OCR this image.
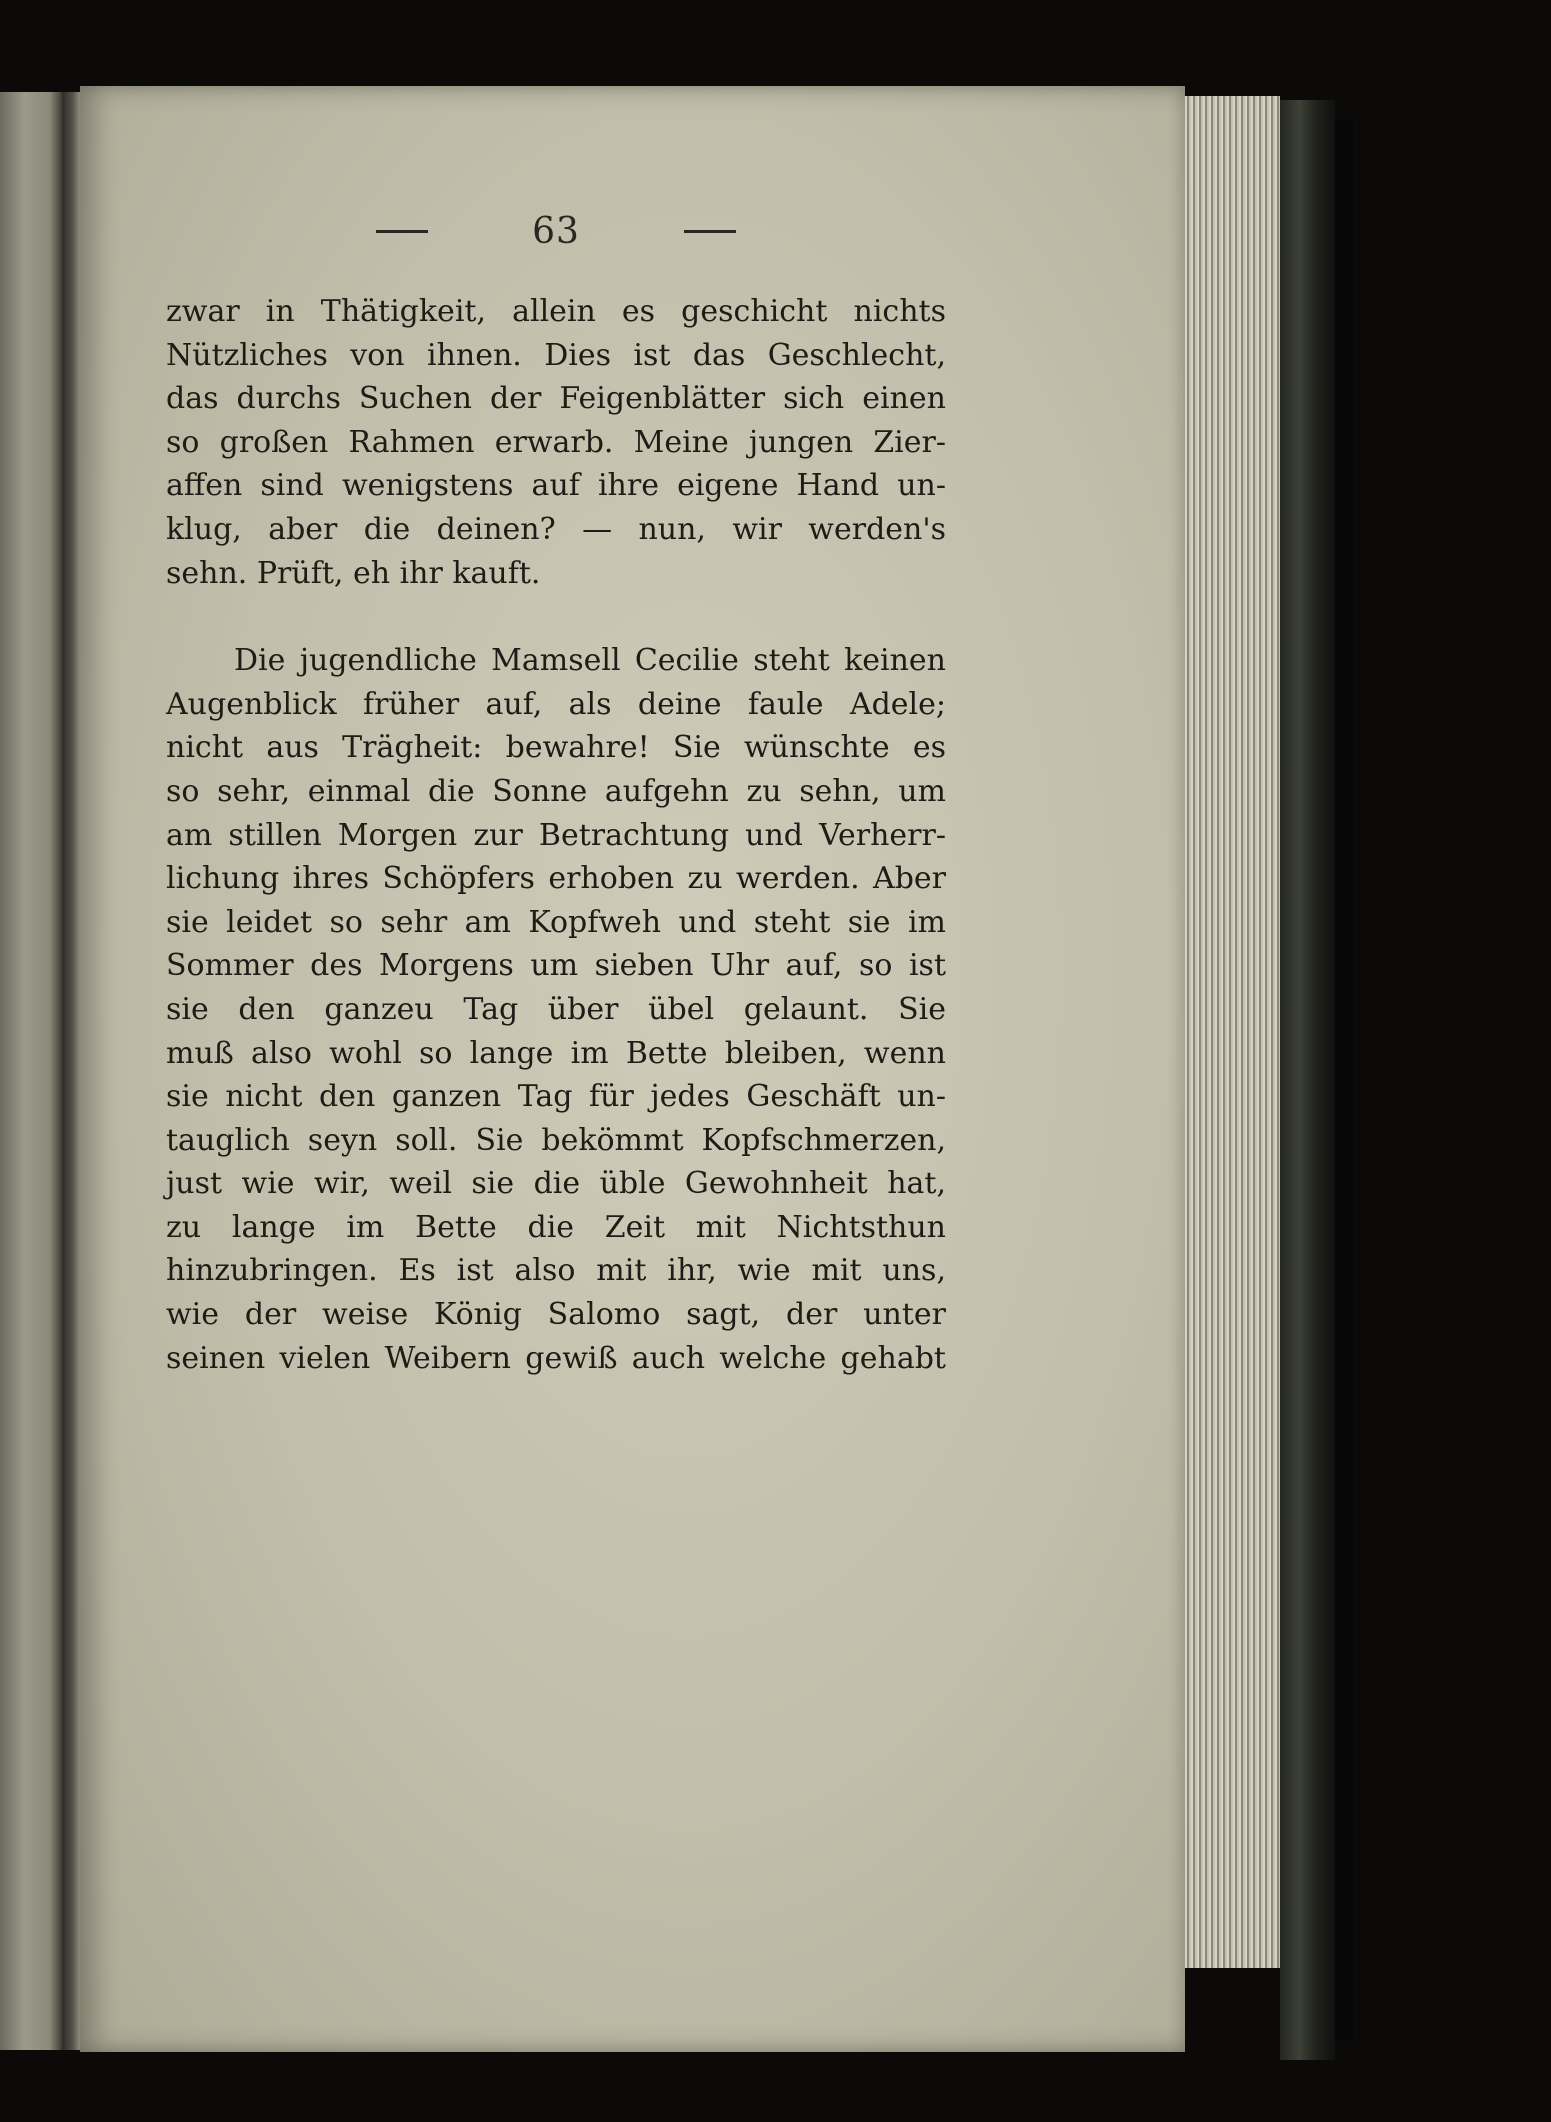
63
zwar in Thätigkeit, allein es geschicht nichts
Nützliches von ihnen. Dies ist das Geschlecht,
das durchs Suchen der Feigenblätter sich einen
so großen Rahmen erwarb. Meine jungen Zier-
affen sind wenigstens auf ihre eigene Hand un-
klug, aber die deinen? — nun, wir werden's
sehn. Prüft, eh ihr kauft.
Die jugendliche Mamsell Cecilie steht keinen
Augenblick früher auf, als deine faule Adele;
nicht aus Trägheit: bewahre! Sie wünschte es
so sehr, einmal die Sonne aufgehn zu sehn, um
am stillen Morgen zur Betrachtung und Verherr-
lichung ihres Schöpfers erhoben zu werden. Aber
sie leidet so sehr am Kopfweh und steht sie im
Sommer des Morgens um sieben Uhr auf, so ist
sie den ganzeu Tag über übel gelaunt. Sie
muß also wohl so lange im Bette bleiben, wenn
sie nicht den ganzen Tag für jedes Geschäft un-
tauglich seyn soll. Sie bekömmt Kopfschmerzen,
just wie wir, weil sie die üble Gewohnheit hat,
zu lange im Bette die Zeit mit Nichtsthun
hinzubringen. Es ist also mit ihr, wie mit uns,
wie der weise König Salomo sagt, der unter
seinen vielen Weibern gewiß auch welche gehabt
